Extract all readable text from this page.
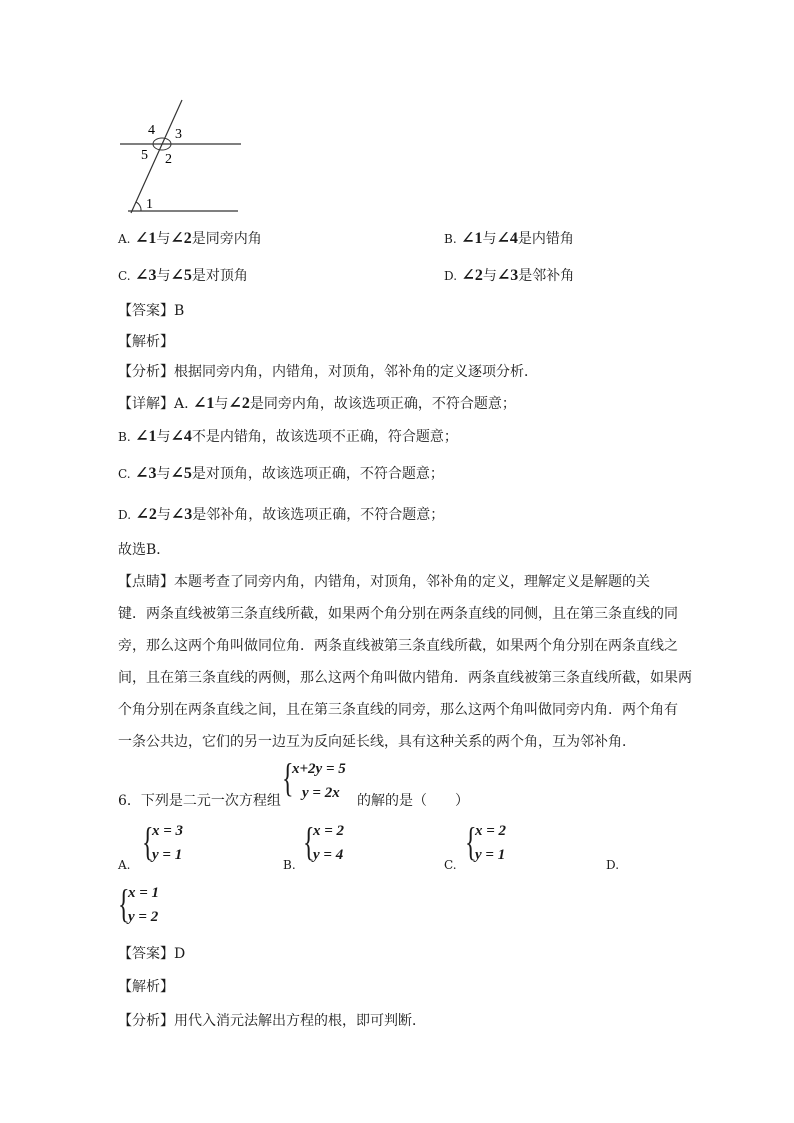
4 3
5 2
1
A. ∠1与∠2是同旁内角	B. ∠1与∠4是内错角
C. ∠3与∠5是对顶角	D. ∠2与∠3是邻补角
【答案】B
【解析】
【分析】根据同旁内角，内错角，对顶角，邻补角的定义逐项分析．
【详解】A. ∠1与∠2是同旁内角，故该选项正确，不符合题意；
B. ∠1与∠4不是内错角，故该选项不正确，符合题意；
C. ∠3与∠5是对顶角，故该选项正确，不符合题意；
D. ∠2与∠3是邻补角，故该选项正确，不符合题意；
故选B．
【点睛】本题考查了同旁内角，内错角，对顶角，邻补角的定义，理解定义是解题的关
键．两条直线被第三条直线所截，如果两个角分别在两条直线的同侧，且在第三条直线的同
旁，那么这两个角叫做同位角．两条直线被第三条直线所截，如果两个角分别在两条直线之
间，且在第三条直线的两侧，那么这两个角叫做内错角．两条直线被第三条直线所截，如果两
个角分别在两条直线之间，且在第三条直线的同旁，那么这两个角叫做同旁内角．两个角有
一条公共边，它们的另一边互为反向延长线，具有这种关系的两个角，互为邻补角．
6．下列是二元一次方程组
{
x+2y = 5
y = 2x 的解的是（　　）
A.
{
x = 3
y = 1
B.
{
x = 2
y = 4
C.
{
x = 2
y = 1
D.
{
x = 1
y = 2
【答案】D
【解析】
【分析】用代入消元法解出方程的根，即可判断．
